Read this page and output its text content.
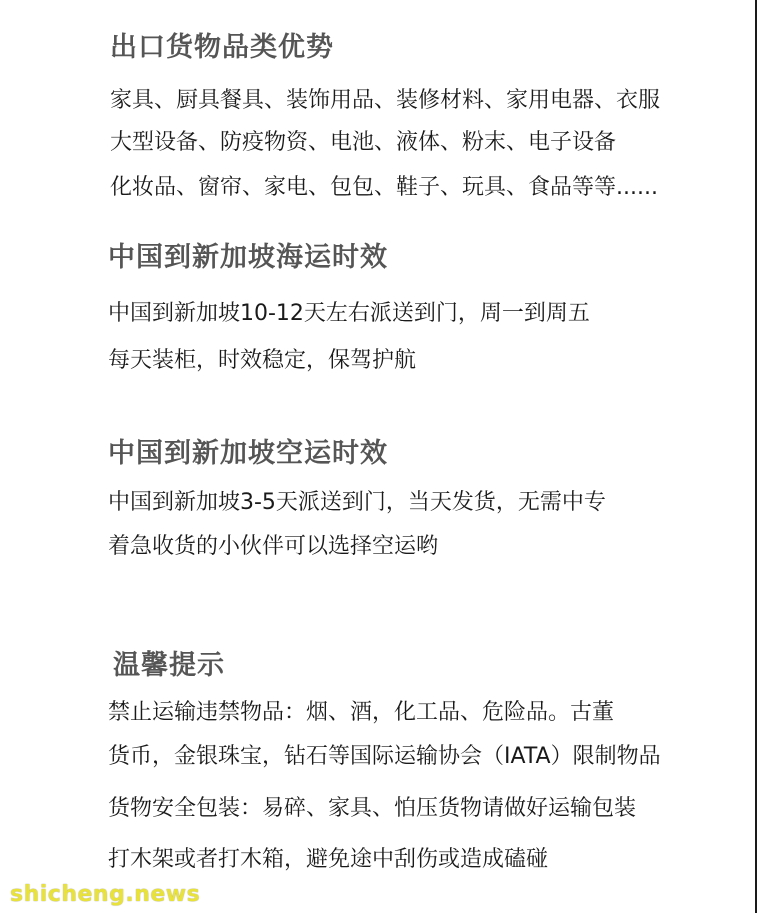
出口货物品类优势

家具、厨具餐具、装饰用品、装修材料、家用电器、衣服

大型设备、防疫物资、电池、液体、粉末、电子设备

化妆品、窗帘、家电、包包、鞋子、玩具、食品等等......

中国到新加坡海运时效

中国到新加坡10-12天左右派送到门，周一到周五

每天装柜，时效稳定，保驾护航

中国到新加坡空运时效

中国到新加坡3-5天派送到门，当天发货，无需中专

着急收货的小伙伴可以选择空运哟

温馨提示

禁止运输违禁物品：烟、酒，化工品、危险品。古董

货币，金银珠宝，钻石等国际运输协会（IATA）限制物品

货物安全包装：易碎、家具、怕压货物请做好运输包装

打木架或者打木箱，避免途中刮伤或造成磕碰

shicheng.news
